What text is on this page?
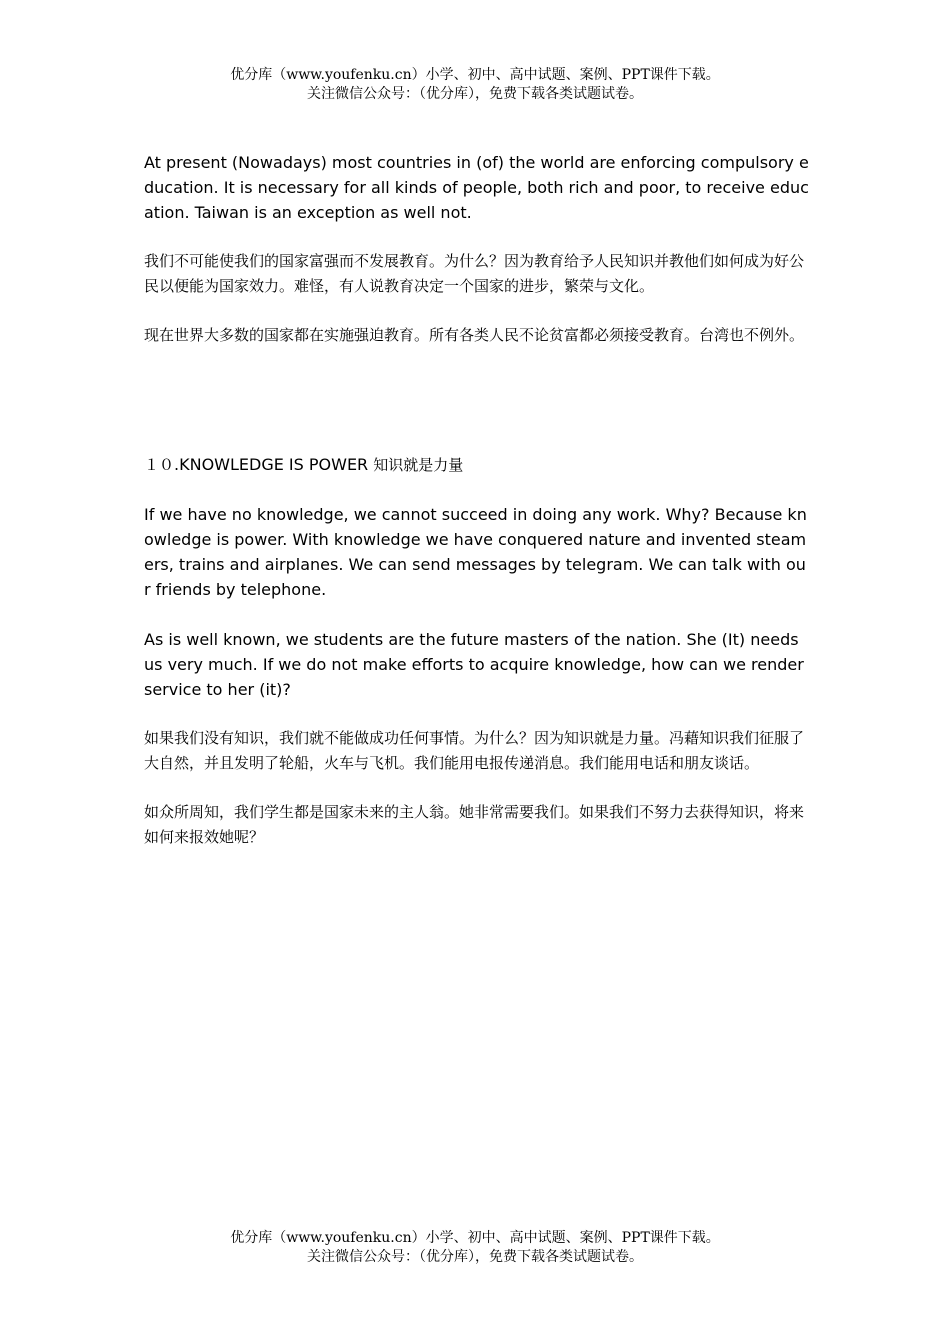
优分库（www.youfenku.cn）小学、初中、高中试题、案例、PPT课件下载。
关注微信公众号：（优分库），免费下载各类试题试卷。

At present (Nowadays) most countries in (of) the world are enforcing compulsory education. It is necessary for all kinds of people, both rich and poor, to receive education. Taiwan is an exception as well not.

我们不可能使我们的国家富强而不发展教育。为什么？因为教育给予人民知识并教他们如何成为好公民以便能为国家效力。难怪，有人说教育决定一个国家的进步，繁荣与文化。

现在世界大多数的国家都在实施强迫教育。所有各类人民不论贫富都必须接受教育。台湾也不例外。

１０.KNOWLEDGE IS POWER 知识就是力量

If we have no knowledge, we cannot succeed in doing any work. Why? Because knowledge is power. With knowledge we have conquered nature and invented steamers, trains and airplanes. We can send messages by telegram. We can talk with our friends by telephone.

As is well known, we students are the future masters of the nation. She (It) needs us very much. If we do not make efforts to acquire knowledge, how can we render service to her (it)?

如果我们没有知识，我们就不能做成功任何事情。为什么？因为知识就是力量。冯藉知识我们征服了大自然，并且发明了轮船，火车与飞机。我们能用电报传递消息。我们能用电话和朋友谈话。

如众所周知，我们学生都是国家未来的主人翁。她非常需要我们。如果我们不努力去获得知识，将来如何来报效她呢？

优分库（www.youfenku.cn）小学、初中、高中试题、案例、PPT课件下载。
关注微信公众号：（优分库），免费下载各类试题试卷。
